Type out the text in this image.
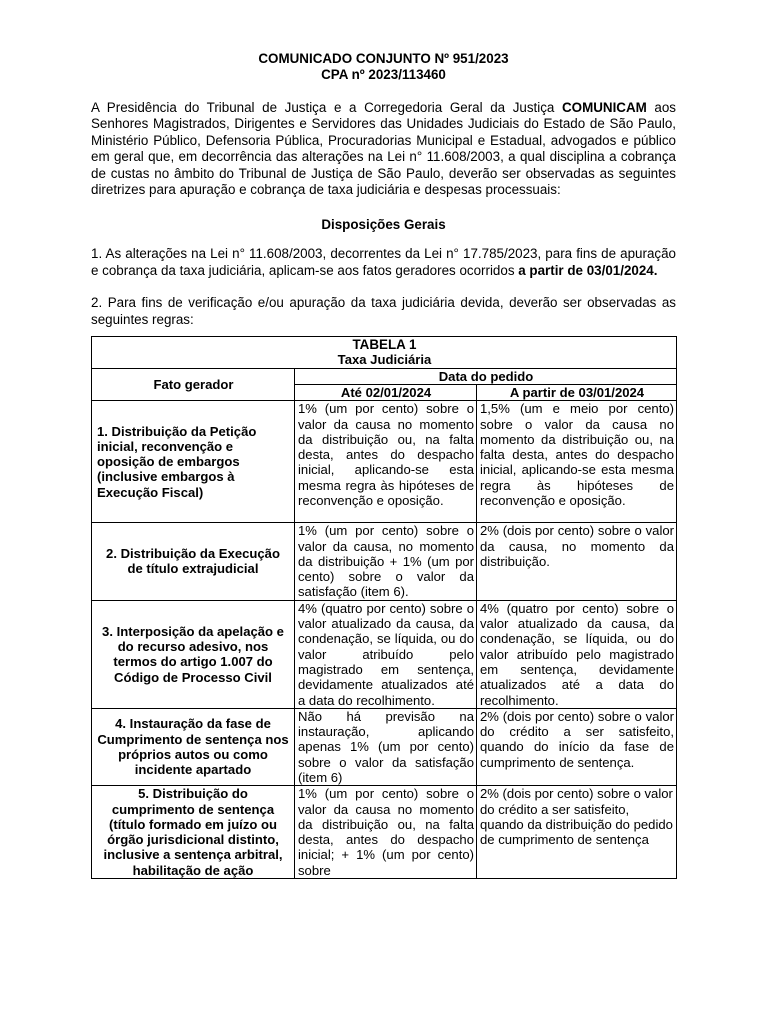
COMUNICADO CONJUNTO Nº 951/2023

CPA nº 2023/113460

A Presidência do Tribunal de Justiça e a Corregedoria Geral da Justiça COMUNICAM aos Senhores Magistrados, Dirigentes e Servidores das Unidades Judiciais do Estado de São Paulo, Ministério Público, Defensoria Pública, Procuradorias Municipal e Estadual, advogados e público em geral que, em decorrência das alterações na Lei n° 11.608/2003, a qual disciplina a cobrança de custas no âmbito do Tribunal de Justiça de São Paulo, deverão ser observadas as seguintes diretrizes para apuração e cobrança de taxa judiciária e despesas processuais:

Disposições Gerais

1. As alterações na Lei n° 11.608/2003, decorrentes da Lei n° 17.785/2023, para fins de apuração e cobrança da taxa judiciária, aplicam-se aos fatos geradores ocorridos a partir de 03/01/2024.

2. Para fins de verificação e/ou apuração da taxa judiciária devida, deverão ser observadas as seguintes regras:

TABELA 1
Taxa Judiciária		

Fato gerador	Data do pedido	
	Até 02/01/2024	A partir de 03/01/2024
1. Distribuição da Petição inicial, reconvenção e oposição de embargos (inclusive embargos à Execução Fiscal)	1% (um por cento) sobre o valor da causa no momento da distribuição ou, na falta desta, antes do despacho inicial, aplicando-se esta mesma regra às hipóteses de reconvenção e oposição.	1,5% (um e meio por cento) sobre o valor da causa no momento da distribuição ou, na falta desta, antes do despacho inicial, aplicando-se esta mesma regra às hipóteses de reconvenção e oposição.
2. Distribuição da Execução de título extrajudicial	1% (um por cento) sobre o valor da causa, no momento da distribuição + 1% (um por cento) sobre o valor da satisfação (item 6).	2% (dois por cento) sobre o valor da causa, no momento da distribuição.
3. Interposição da apelação e do recurso adesivo, nos termos do artigo 1.007 do Código de Processo Civil	4% (quatro por cento) sobre o valor atualizado da causa, da condenação, se líquida, ou do valor atribuído pelo magistrado em sentença, devidamente atualizados até a data do recolhimento.	4% (quatro por cento) sobre o valor atualizado da causa, da condenação, se líquida, ou do valor atribuído pelo magistrado em sentença, devidamente atualizados até a data do recolhimento.
4. Instauração da fase de Cumprimento de sentença nos próprios autos ou como incidente apartado	Não há previsão na instauração, aplicando apenas 1% (um por cento) sobre o valor da satisfação (item 6)	2% (dois por cento) sobre o valor do crédito a ser satisfeito, quando do início da fase de cumprimento de sentença.
5. Distribuição do cumprimento de sentença (título formado em juízo ou órgão jurisdicional distinto, inclusive a sentença arbitral, habilitação de ação	1% (um por cento) sobre o valor da causa no momento da distribuição ou, na falta desta, antes do despacho inicial; + 1% (um por cento) sobre	2% (dois por cento) sobre o valor do crédito a ser satisfeito, quando da distribuição do pedido de cumprimento de sentença
